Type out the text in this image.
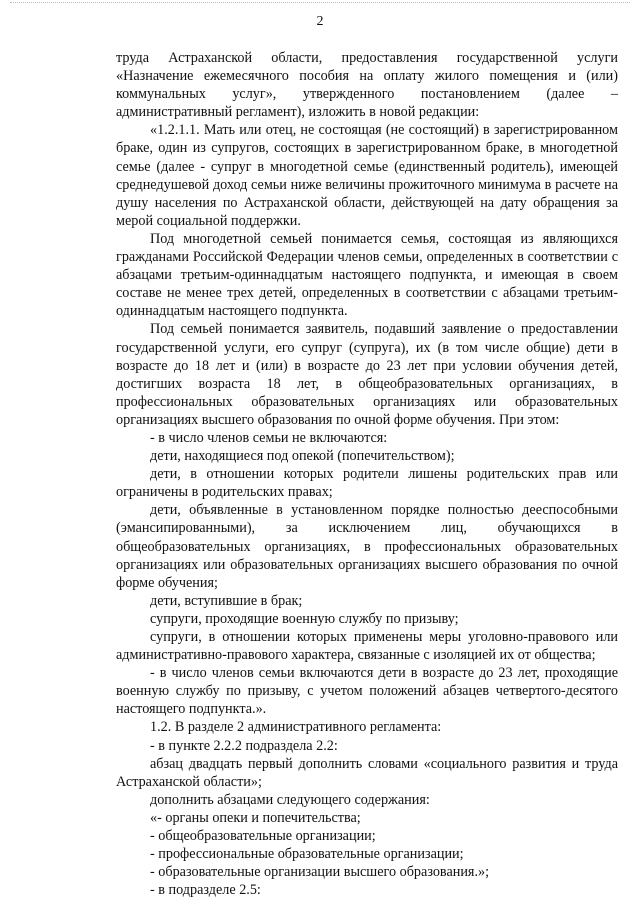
2

труда Астраханской области, предоставления государственной услуги «Назначение ежемесячного пособия на оплату жилого помещения и (или) коммунальных услуг», утвержденного постановлением (далее – административный регламент), изложить в новой редакции:

«1.2.1.1. Мать или отец, не состоящая (не состоящий) в зарегистрированном браке, один из супругов, состоящих в зарегистрированном браке, в многодетной семье (далее - супруг в многодетной семье (единственный родитель), имеющей среднедушевой доход семьи ниже величины прожиточного минимума в расчете на душу населения по Астраханской области, действующей на дату обращения за мерой социальной поддержки.

Под многодетной семьей понимается семья, состоящая из являющихся гражданами Российской Федерации членов семьи, определенных в соответствии с абзацами третьим-одиннадцатым настоящего подпункта, и имеющая в своем составе не менее трех детей, определенных в соответствии с абзацами третьим-одиннадцатым настоящего подпункта.

Под семьей понимается заявитель, подавший заявление о предоставлении государственной услуги, его супруг (супруга), их (в том числе общие) дети в возрасте до 18 лет и (или) в возрасте до 23 лет при условии обучения детей, достигших возраста 18 лет, в общеобразовательных организациях, в профессиональных образовательных организациях или образовательных организациях высшего образования по очной форме обучения. При этом:

- в число членов семьи не включаются:

дети, находящиеся под опекой (попечительством);

дети, в отношении которых родители лишены родительских прав или ограничены в родительских правах;

дети, объявленные в установленном порядке полностью дееспособными (эмансипированными), за исключением лиц, обучающихся в общеобразовательных организациях, в профессиональных образовательных организациях или образовательных организациях высшего образования по очной форме обучения;

дети, вступившие в брак;

супруги, проходящие военную службу по призыву;

супруги, в отношении которых применены меры уголовно-правового или административно-правового характера, связанные с изоляцией их от общества;

- в число членов семьи включаются дети в возрасте до 23 лет, проходящие военную службу по призыву, с учетом положений абзацев четвертого-десятого настоящего подпункта.».

1.2. В разделе 2 административного регламента:

- в пункте 2.2.2 подраздела 2.2:

абзац двадцать первый дополнить словами «социального развития и труда Астраханской области»;

дополнить абзацами следующего содержания:

«- органы опеки и попечительства;

- общеобразовательные организации;

- профессиональные образовательные организации;

- образовательные организации высшего образования.»;

- в подразделе 2.5:
